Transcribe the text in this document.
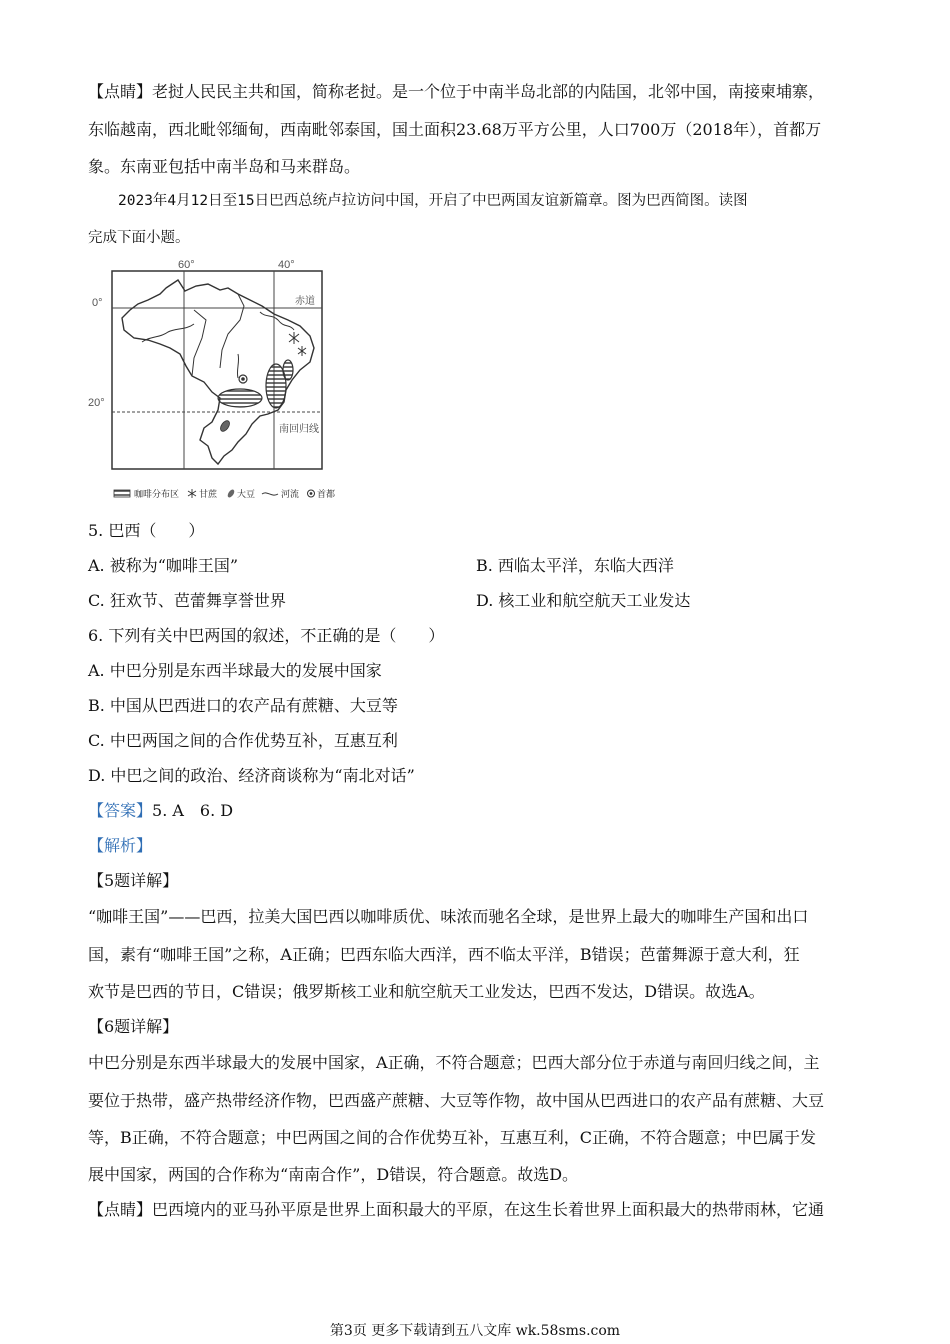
【点睛】老挝人民民主共和国，简称老挝。是一个位于中南半岛北部的内陆国，北邻中国，南接柬埔寨，
东临越南，西北毗邻缅甸，西南毗邻泰国，国土面积23.68万平方公里，人口700万（2018年），首都万
象。东南亚包括中南半岛和马来群岛。
2023年4月12日至15日巴西总统卢拉访问中国，开启了中巴两国友谊新篇章。图为巴西简图。读图
完成下面小题。
60°	40°
0°
20°
赤道
南回归线
咖啡分布区 甘蔗 大豆	河流 首都
5. 巴西（　　）
A. 被称为“咖啡王国”	B. 西临太平洋，东临大西洋
C. 狂欢节、芭蕾舞享誉世界	D. 核工业和航空航天工业发达
6. 下列有关中巴两国的叙述，不正确的是（　　）
A. 中巴分别是东西半球最大的发展中国家
B. 中国从巴西进口的农产品有蔗糖、大豆等
C. 中巴两国之间的合作优势互补，互惠互利
D. 中巴之间的政治、经济商谈称为“南北对话”
【答案】5. A　6. D
【解析】
【5题详解】
“咖啡王国”——巴西，拉美大国巴西以咖啡质优、味浓而驰名全球，是世界上最大的咖啡生产国和出口
国，素有“咖啡王国”之称，A正确；巴西东临大西洋，西不临太平洋，B错误；芭蕾舞源于意大利，狂
欢节是巴西的节日，C错误；俄罗斯核工业和航空航天工业发达，巴西不发达，D错误。故选A。
【6题详解】
中巴分别是东西半球最大的发展中国家，A正确，不符合题意；巴西大部分位于赤道与南回归线之间，主
要位于热带，盛产热带经济作物，巴西盛产蔗糖、大豆等作物，故中国从巴西进口的农产品有蔗糖、大豆
等，B正确，不符合题意；中巴两国之间的合作优势互补，互惠互利，C正确，不符合题意；中巴属于发
展中国家，两国的合作称为“南南合作”，D错误，符合题意。故选D。
【点睛】巴西境内的亚马孙平原是世界上面积最大的平原，在这生长着世界上面积最大的热带雨林，它通
第3页 更多下载请到五八文库 wk.58sms.com
